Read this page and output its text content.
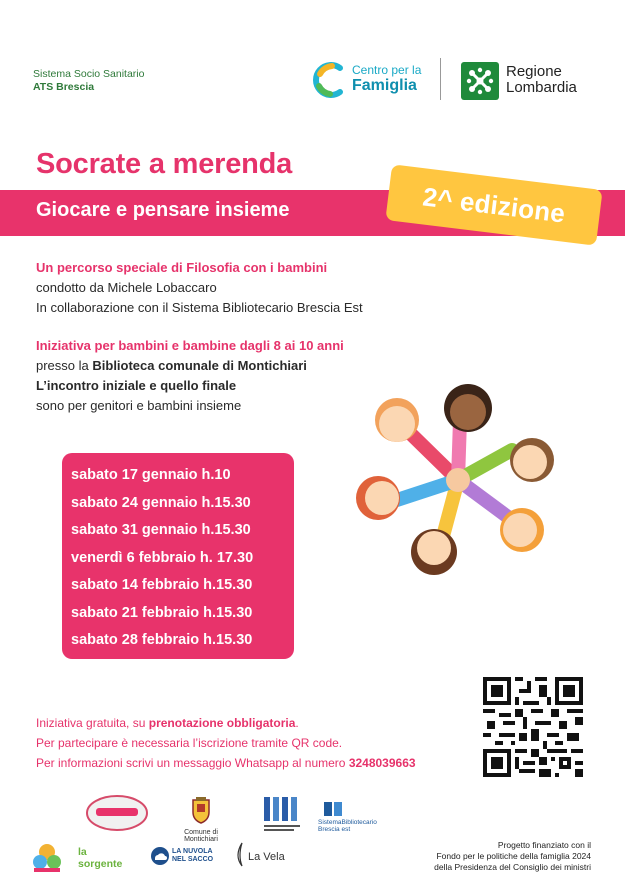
Sistema Socio Sanitario
ATS Brescia
Centro per la
Famiglia
Regione
Lombardia
Socrate a merenda
Giocare e pensare insieme	2^ edizione
Un percorso speciale di Filosofia con i bambini
condotto da Michele Lobaccaro
In collaborazione con il Sistema Bibliotecario Brescia Est
Iniziativa per bambini e bambine dagli 8 ai 10 anni
presso la Biblioteca comunale di Montichiari
L’incontro iniziale e quello finale
sono per genitori e bambini insieme
sabato 17 gennaio h.10
sabato 24 gennaio h.15.30
sabato 31 gennaio h.15.30
venerdì 6 febbraio h. 17.30
sabato 14 febbraio h.15.30
sabato 21 febbraio h.15.30
sabato 28 febbraio h.15.30
Iniziativa gratuita, su prenotazione obbligatoria.
Per partecipare è necessaria l’iscrizione tramite QR code.
Per informazioni scrivi un messaggio Whatsapp al numero 3248039663
Comune di Montichiari
SistemaBibliotecario
Brescia est
la sorgente
LA NUVOLA NEL SACCO	La Vela
Progetto finanziato con il
Fondo per le politiche della famiglia 2024
della Presidenza del Consiglio dei ministri
